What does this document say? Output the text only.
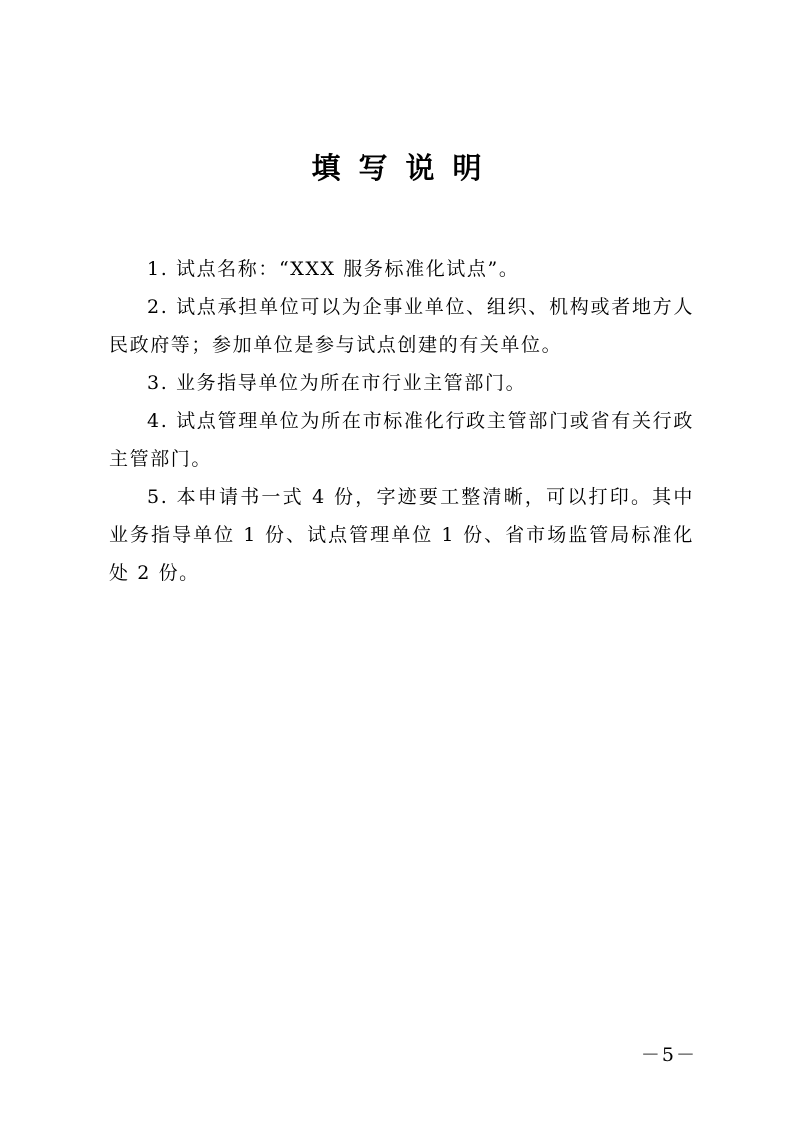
填写说明

1. 试点名称：“XXX 服务标准化试点”。

2. 试点承担单位可以为企事业单位、组织、机构或者地方人民政府等；参加单位是参与试点创建的有关单位。

3. 业务指导单位为所在市行业主管部门。

4. 试点管理单位为所在市标准化行政主管部门或省有关行政主管部门。

5. 本申请书一式 4 份，字迹要工整清晰，可以打印。其中业务指导单位 1 份、试点管理单位 1 份、省市场监管局标准化处 2 份。

－5－
